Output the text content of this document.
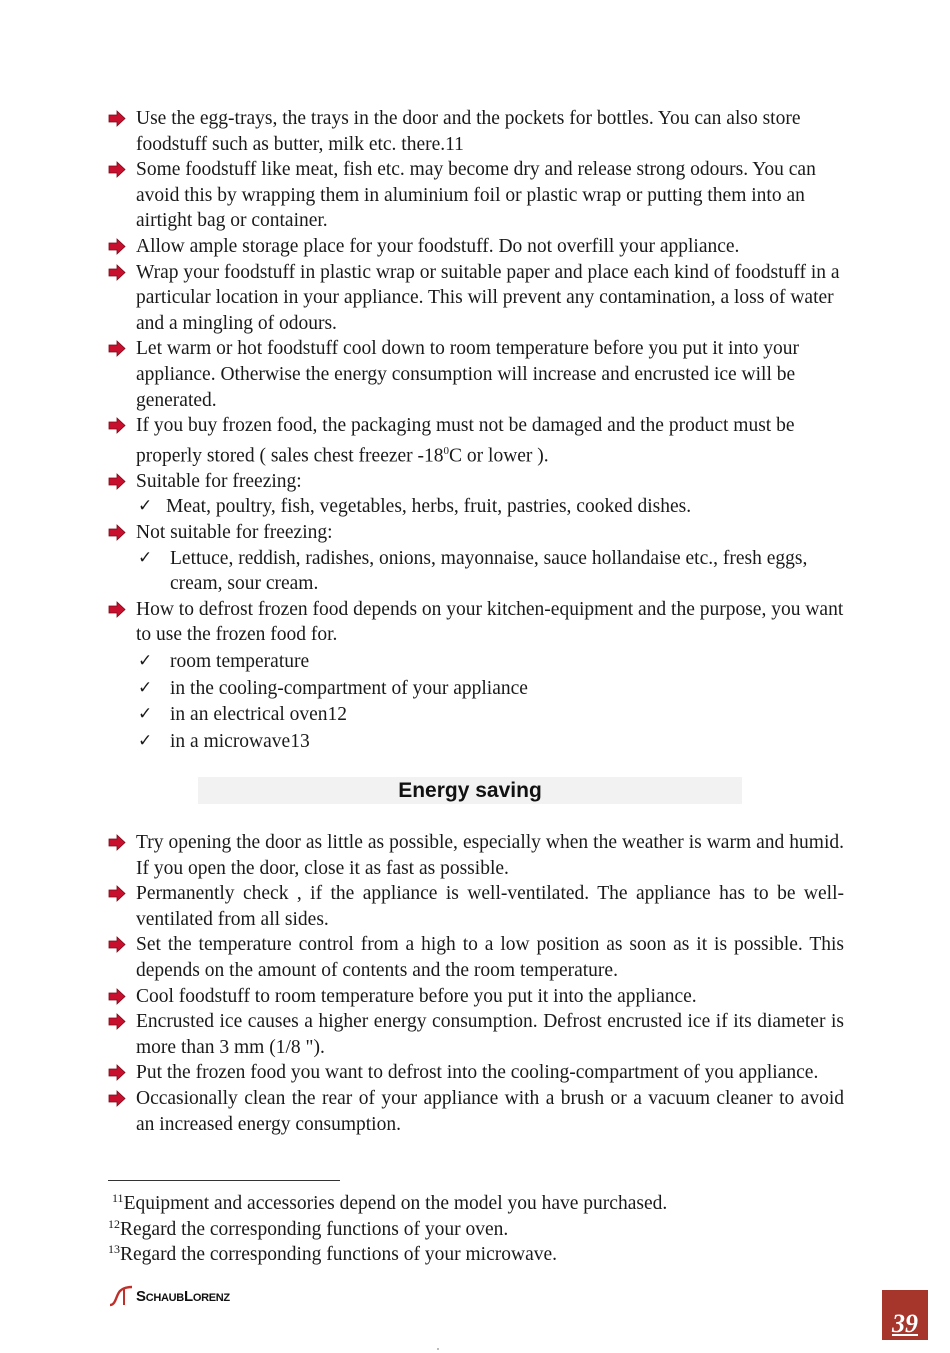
Use the egg-trays, the trays in the door and the pockets for bottles. You can also store foodstuff such as butter, milk etc. there.11
Some foodstuff like meat, fish etc. may become dry and release strong odours. You can avoid this by wrapping them in aluminium foil or plastic wrap or putting them into an airtight bag or container.
Allow ample storage place for your foodstuff. Do not overfill your appliance.
Wrap your foodstuff in plastic wrap or suitable paper and place each kind of foodstuff in a particular location in your appliance. This will prevent any contamination, a loss of water and a mingling of odours.
Let warm or hot foodstuff cool down to room temperature before you put it into your appliance. Otherwise the energy consumption will increase and encrusted ice will be generated.
If you buy frozen food, the packaging must not be damaged and the product must be properly stored ( sales chest freezer $-18^0C$ or lower ).
Suitable for freezing:
✓ Meat, poultry, fish, vegetables, herbs, fruit, pastries, cooked dishes.
Not suitable for freezing:
✓ Lettuce, reddish, radishes, onions, mayonnaise, sauce hollandaise etc., fresh eggs, cream, sour cream.
How to defrost frozen food depends on your kitchen-equipment and the purpose, you want to use the frozen food for.
✓ room temperature
✓ in the cooling-compartment of your appliance
✓ in an electrical oven12
✓ in a microwave13
Energy saving
Try opening the door as little as possible, especially when the weather is warm and humid. If you open the door, close it as fast as possible.
Permanently check , if the appliance is well-ventilated. The appliance has to be well-ventilated from all sides.
Set the temperature control from a high to a low position as soon as it is possible. This depends on the amount of contents and the room temperature.
Cool foodstuff to room temperature before you put it into the appliance.
Encrusted ice causes a higher energy consumption. Defrost encrusted ice if its diameter is more than 3 mm (1/8 ").
Put the frozen food you want to defrost into the cooling-compartment of you appliance.
Occasionally clean the rear of your appliance with a brush or a vacuum cleaner to avoid an increased energy consumption.
$^{11}$Equipment and accessories depend on the model you have purchased.
$^{12}$Regard the corresponding functions of your oven.
$^{13}$Regard the corresponding functions of your microwave.
SCHAUBLORENZ
39
